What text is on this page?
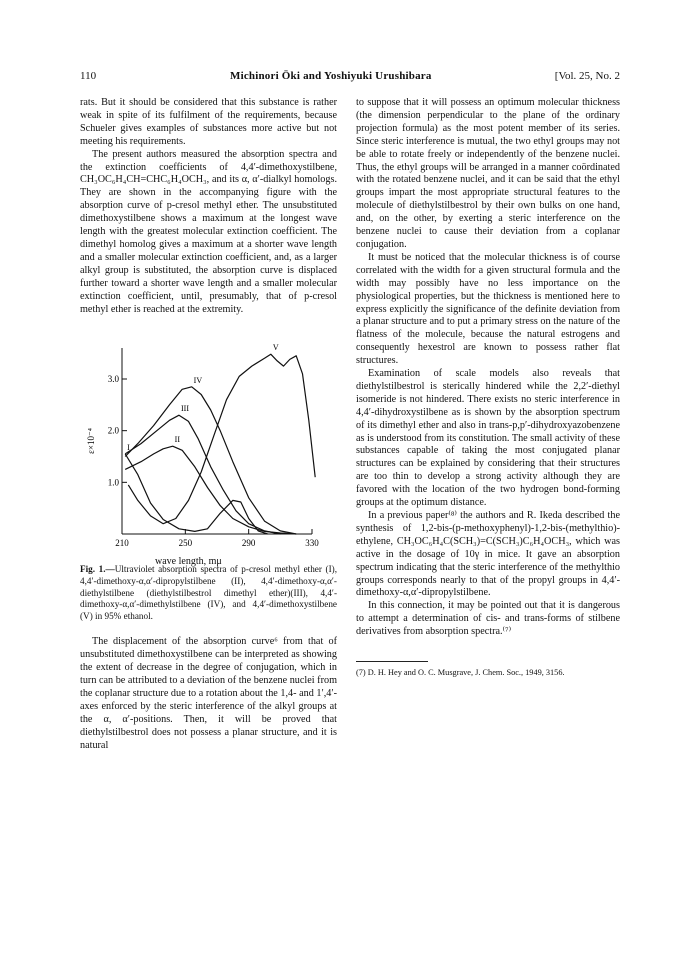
110	Michinori Ōki and Yoshiyuki Urushibara	[Vol. 25, No. 2

rats. But it should be considered that this substance is rather weak in spite of its fulfilment of the requirements, because Schueler gives examples of substances more active but not meeting his requirements.

The present authors measured the absorption spectra and the extinction coefficients of 4,4′-dimethoxystilbene, CH₃OC₆H₄CH=CHC₆H₄OCH₃, and its α, α′-dialkyl homologs. They are shown in the accompanying figure with the absorption curve of p-cresol methyl ether. The unsubstituted dimethoxystilbene shows a maximum at the longest wave length with the greatest molecular extinction coefficient. The dimethyl homolog gives a maximum at a shorter wave length and a smaller molecular extinction coefficient, and, as a larger alkyl group is substituted, the absorption curve is displaced further toward a shorter wave length and a smaller molecular extinction coefficient, until, presumably, that of p-cresol methyl ether is reached at the extremity.

210	250	290	330
1.0
2.0
3.0
ε×10⁻⁴	I
II
III
IV
V
wave length, mμ

Fig. 1.—Ultraviolet absorption spectra of p-cresol methyl ether (I), 4,4′-dimethoxy-α,α′-dipropylstilbene (II), 4,4′-dimethoxy-α,α′-diethylstilbene (diethylstilbestrol dimethyl ether)(III), 4,4′-dimethoxy-α,α′-dimethylstilbene (IV), and 4,4′-dimethoxystilbene (V) in 95% ethanol.

The displacement of the absorption curve⁶ from that of unsubstituted dimethoxystilbene can be interpreted as showing the extent of decrease in the degree of conjugation, which in turn can be attributed to a deviation of the benzene nuclei from the coplanar structure due to a rotation about the 1,4- and 1′,4′-axes enforced by the steric interference of the alkyl groups at the α, α′-positions. Then, it will be proved that diethylstilbestrol does not possess a planar structure, and it is natural

to suppose that it will possess an optimum molecular thickness (the dimension perpendicular to the plane of the ordinary projection formula) as the most potent member of its series. Since steric interference is mutual, the two ethyl groups may not be able to rotate freely or independently of the benzene nuclei. Thus, the ethyl groups will be arranged in a manner coördinated with the rotated benzene nuclei, and it can be said that the ethyl groups impart the most appropriate structural features to the molecule of diethylstilbestrol by their own bulks on one hand, and, on the other, by exerting a steric interference on the benzene nuclei to cause their deviation from a coplanar conjugation.

It must be noticed that the molecular thickness is of course correlated with the width for a given structural formula and the width may possibly have no less importance on the physiological properties, but the thickness is mentioned here to express explicitly the significance of the definite deviation from a planar structure and to put a primary stress on the nature of the flatness of the molecule, because the natural estrogens and consequently hexestrol are known to possess rather flat structures.

Examination of scale models also reveals that diethylstilbestrol is sterically hindered while the 2,2′-diethyl isomeride is not hindered. There exists no steric interference in 4,4′-dihydroxystilbene as is shown by the absorption spectrum of its dimethyl ether and also in trans-p,p′-dihydroxyazobenzene as is understood from its constitution. The small activity of these substances capable of taking the most conjugated planar structures can be explained by considering that their structures are too thin to develop a strong activity although they are favored with the location of the two hydrogen bond-forming groups at the optimum distance.

In a previous paper⁽⁸⁾ the authors and R. Ikeda described the synthesis of 1,2-bis-(p-methoxyphenyl)-1,2-bis-(methylthio)-ethylene, CH₃OC₆H₄C(SCH₃)=C(SCH₃)C₆H₄OCH₃, which was active in the dosage of 10γ in mice. It gave an absorption spectrum indicating that the steric interference of the methylthio groups corresponds nearly to that of the propyl groups in 4,4′-dimethoxy-α,α′-dipropylstilbene.

In this connection, it may be pointed out that it is dangerous to attempt a determination of cis- and trans-forms of stilbene derivatives from absorption spectra.⁽⁷⁾

(7) D. H. Hey and O. C. Musgrave, J. Chem. Soc., 1949, 3156.
